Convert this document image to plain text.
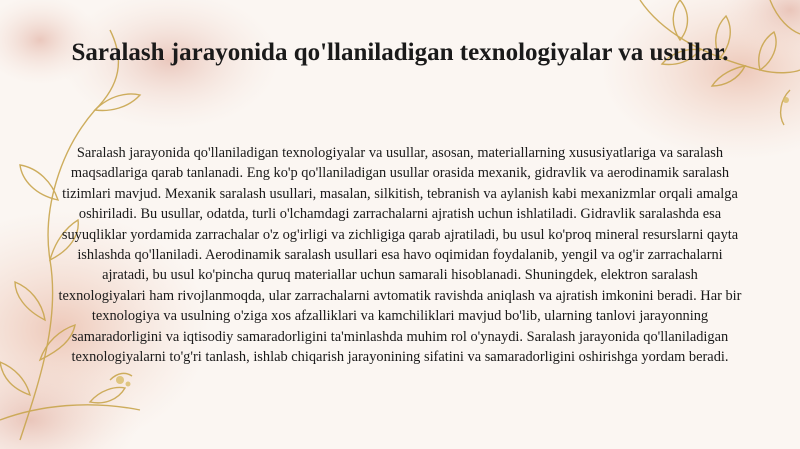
Saralash jarayonida qo'llaniladigan texnologiyalar va usullar.

Saralash jarayonida qo'llaniladigan texnologiyalar va usullar, asosan, materiallarning xususiyatlariga va saralash maqsadlariga qarab tanlanadi. Eng ko'p qo'llaniladigan usullar orasida mexanik, gidravlik va aerodinamik saralash tizimlari mavjud. Mexanik saralash usullari, masalan, silkitish, tebranish va aylanish kabi mexanizmlar orqali amalga oshiriladi. Bu usullar, odatda, turli o'lchamdagi zarrachalarni ajratish uchun ishlatiladi. Gidravlik saralashda esa suyuqliklar yordamida zarrachalar o'z og'irligi va zichligiga qarab ajratiladi, bu usul ko'proq mineral resurslarni qayta ishlashda qo'llaniladi. Aerodinamik saralash usullari esa havo oqimidan foydalanib, yengil va og'ir zarrachalarni ajratadi, bu usul ko'pincha quruq materiallar uchun samarali hisoblanadi. Shuningdek, elektron saralash texnologiyalari ham rivojlanmoqda, ular zarrachalarni avtomatik ravishda aniqlash va ajratish imkonini beradi. Har bir texnologiya va usulning o'ziga xos afzalliklari va kamchiliklari mavjud bo'lib, ularning tanlovi jarayonning samaradorligini va iqtisodiy samaradorligini ta'minlashda muhim rol o'ynaydi. Saralash jarayonida qo'llaniladigan texnologiyalarni to'g'ri tanlash, ishlab chiqarish jarayonining sifatini va samaradorligini oshirishga yordam beradi.
